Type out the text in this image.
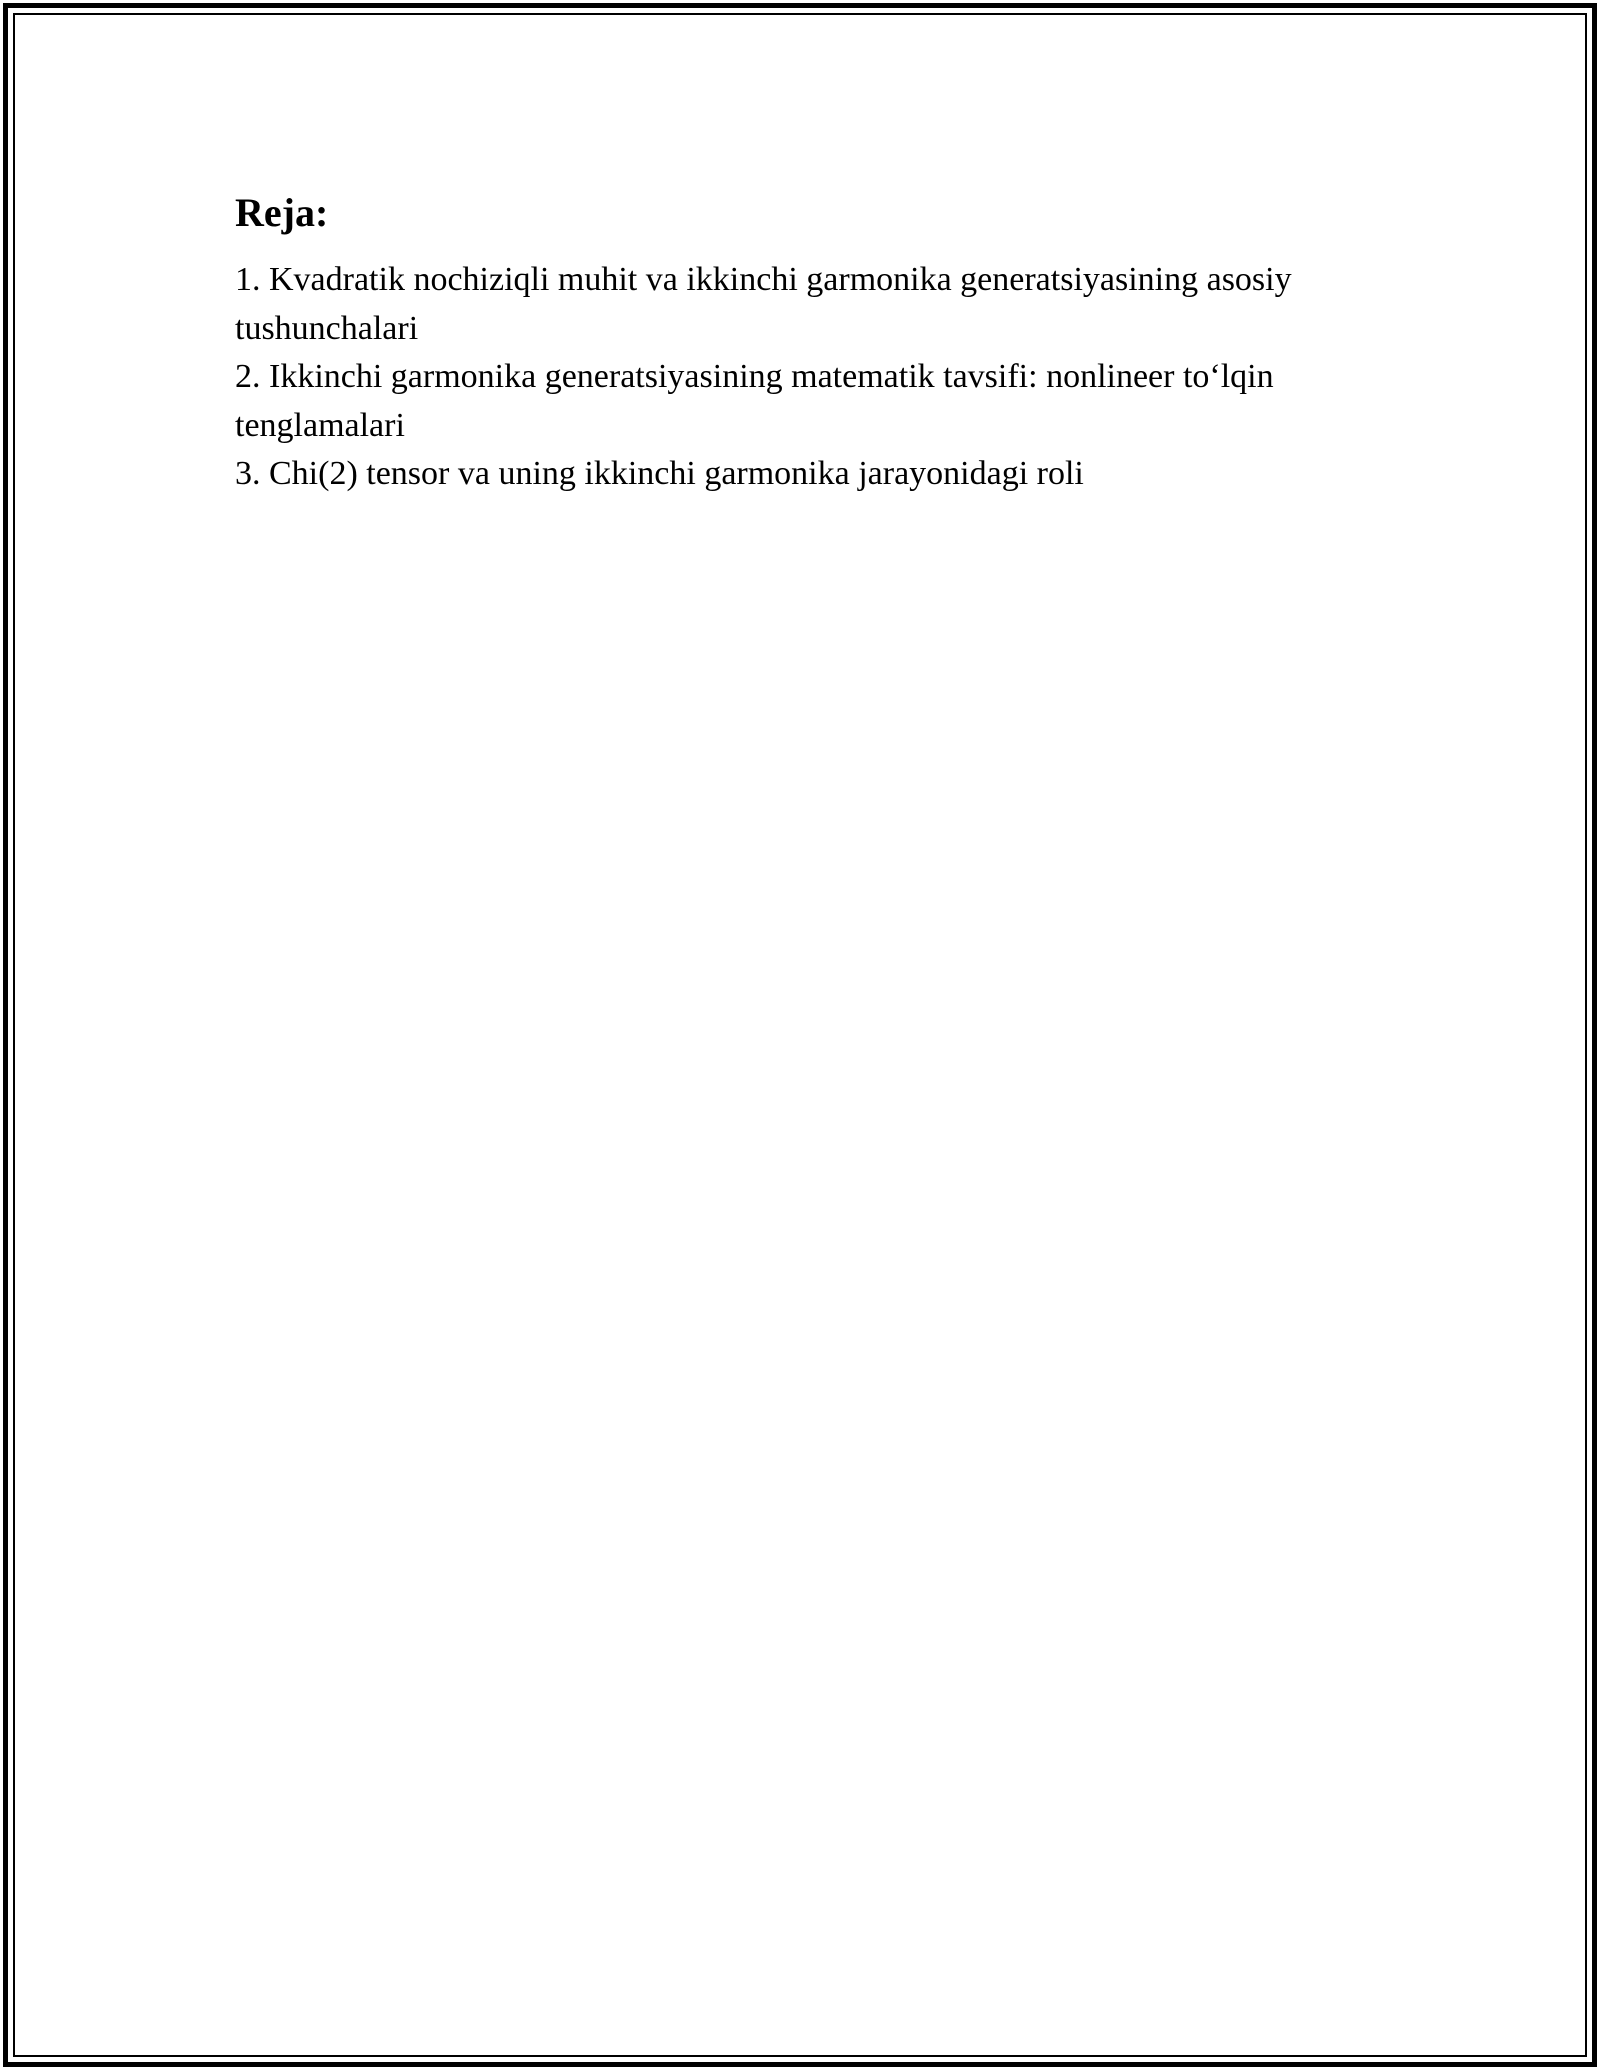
Reja:
1. Kvadratik nochiziqli muhit va ikkinchi garmonika generatsiyasining asosiy tushunchalari
2. Ikkinchi garmonika generatsiyasining matematik tavsifi: nonlineer to‘lqin tenglamalari
3. Chi(2) tensor va uning ikkinchi garmonika jarayonidagi roli
